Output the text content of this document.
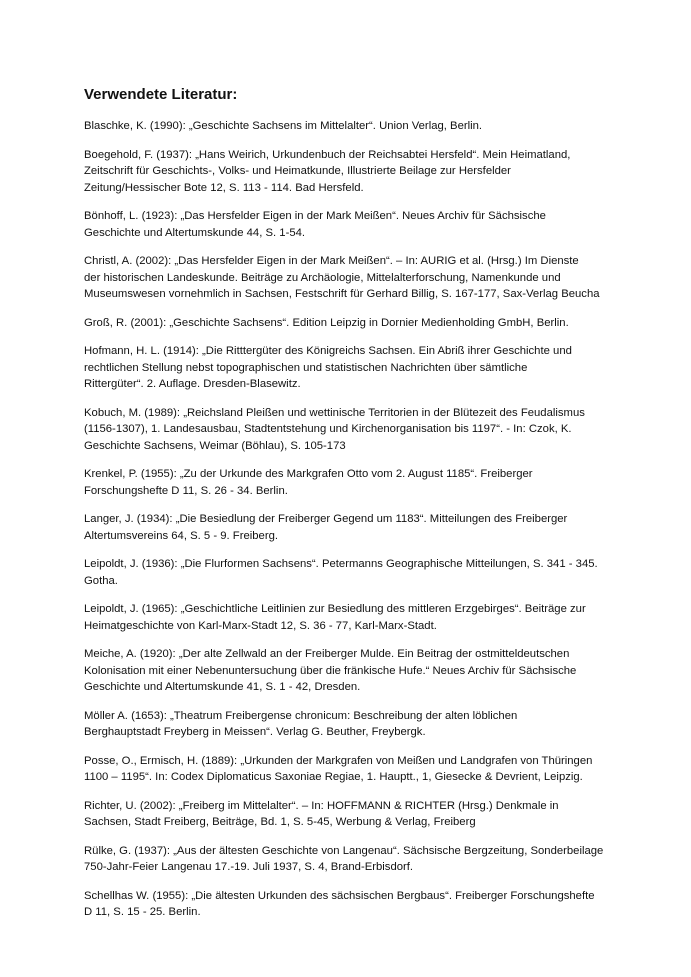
Verwendete Literatur:
Blaschke, K. (1990): „Geschichte Sachsens im Mittelalter“. Union Verlag, Berlin.
Boegehold, F. (1937): „Hans Weirich, Urkundenbuch der Reichsabtei Hersfeld“. Mein Heimatland,
Zeitschrift für Geschichts-, Volks- und Heimatkunde, Illustrierte Beilage zur Hersfelder
Zeitung/Hessischer Bote 12, S. 113 - 114. Bad Hersfeld.
Bönhoff, L. (1923): „Das Hersfelder Eigen in der Mark Meißen“. Neues Archiv für Sächsische
Geschichte und Altertumskunde 44, S. 1-54.
Christl, A. (2002): „Das Hersfelder Eigen in der Mark Meißen“. – In: AURIG et al. (Hrsg.) Im Dienste
der historischen Landeskunde. Beiträge zu Archäologie, Mittelalterforschung, Namenkunde und
Museumswesen vornehmlich in Sachsen, Festschrift für Gerhard Billig, S. 167-177, Sax-Verlag Beucha
Groß, R. (2001): „Geschichte Sachsens“. Edition Leipzig in Dornier Medienholding GmbH, Berlin.
Hofmann, H. L. (1914): „Die Ritttergüter des Königreichs Sachsen. Ein Abriß ihrer Geschichte und
rechtlichen Stellung nebst topographischen und statistischen Nachrichten über sämtliche
Rittergüter“. 2. Auflage. Dresden-Blasewitz.
Kobuch, M. (1989): „Reichsland Pleißen und wettinische Territorien in der Blütezeit des Feudalismus
(1156-1307), 1. Landesausbau, Stadtentstehung und Kirchenorganisation bis 1197“. - In: Czok, K.
Geschichte Sachsens, Weimar (Böhlau), S. 105-173
Krenkel, P. (1955): „Zu der Urkunde des Markgrafen Otto vom 2. August 1185“. Freiberger
Forschungshefte D 11, S. 26 - 34. Berlin.
Langer, J. (1934): „Die Besiedlung der Freiberger Gegend um 1183“. Mitteilungen des Freiberger
Altertumsvereins 64, S. 5 - 9. Freiberg.
Leipoldt, J. (1936): „Die Flurformen Sachsens“. Petermanns Geographische Mitteilungen, S. 341 - 345.
Gotha.
Leipoldt, J. (1965): „Geschichtliche Leitlinien zur Besiedlung des mittleren Erzgebirges“. Beiträge zur
Heimatgeschichte von Karl-Marx-Stadt 12, S. 36 - 77, Karl-Marx-Stadt.
Meiche, A. (1920): „Der alte Zellwald an der Freiberger Mulde. Ein Beitrag der ostmitteldeutschen
Kolonisation mit einer Nebenuntersuchung über die fränkische Hufe.“ Neues Archiv für Sächsische
Geschichte und Altertumskunde 41, S. 1 - 42, Dresden.
Möller A. (1653): „Theatrum Freibergense chronicum: Beschreibung der alten löblichen
Berghauptstadt Freyberg in Meissen“. Verlag G. Beuther, Freybergk.
Posse, O., Ermisch, H. (1889): „Urkunden der Markgrafen von Meißen und Landgrafen von Thüringen
1100 – 1195“. In: Codex Diplomaticus Saxoniae Regiae, 1. Hauptt., 1, Giesecke & Devrient, Leipzig.
Richter, U. (2002): „Freiberg im Mittelalter“. – In: HOFFMANN & RICHTER (Hrsg.) Denkmale in
Sachsen, Stadt Freiberg, Beiträge, Bd. 1, S. 5-45, Werbung & Verlag, Freiberg
Rülke, G. (1937): „Aus der ältesten Geschichte von Langenau“. Sächsische Bergzeitung, Sonderbeilage
750-Jahr-Feier Langenau 17.-19. Juli 1937, S. 4, Brand-Erbisdorf.
Schellhas W. (1955): „Die ältesten Urkunden des sächsischen Bergbaus“. Freiberger Forschungshefte
D 11, S. 15 - 25. Berlin.
